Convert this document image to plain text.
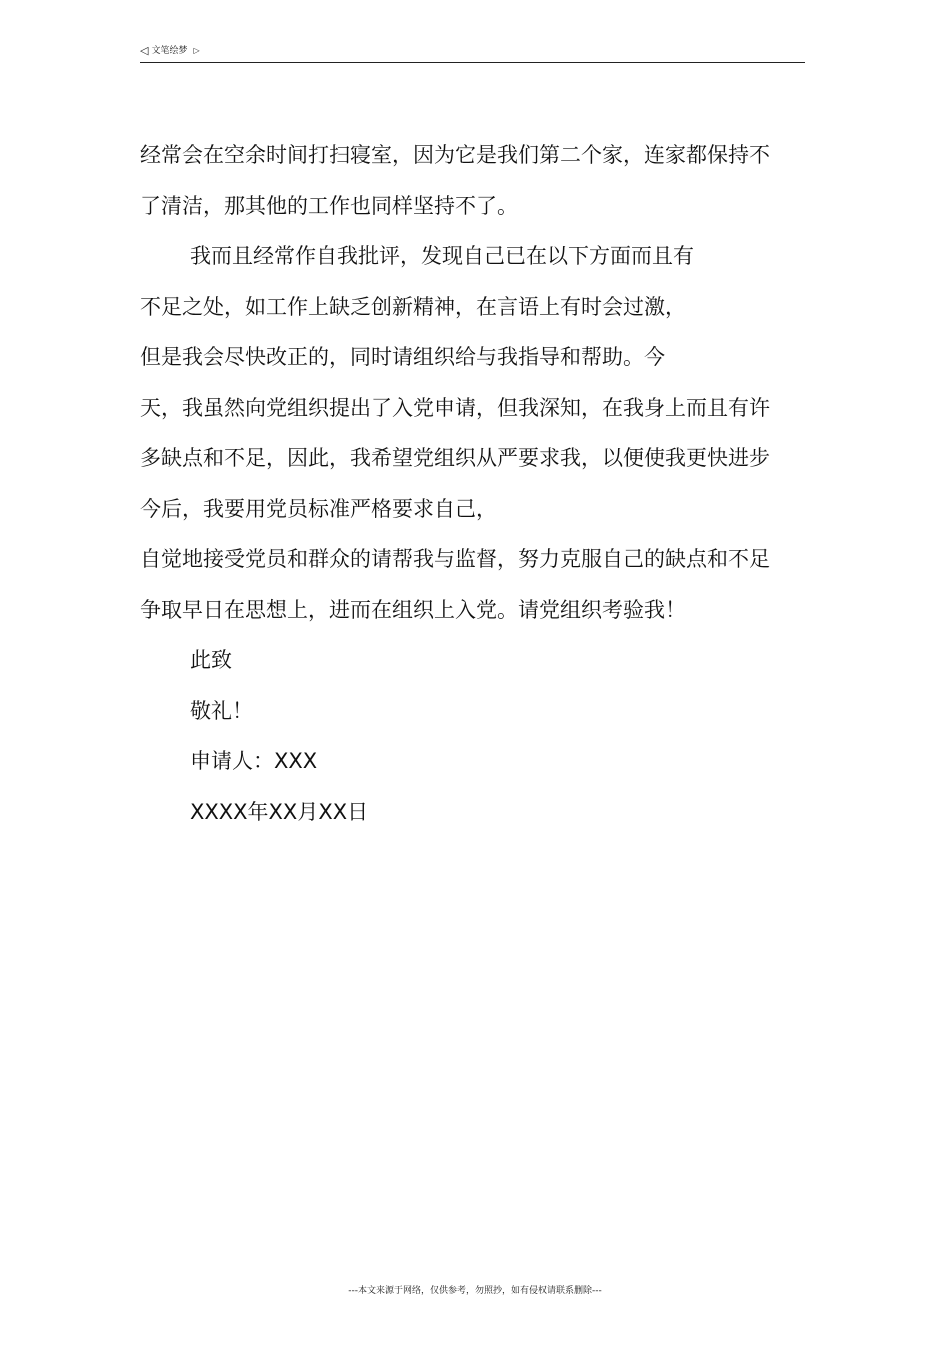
◁ 文笔绘梦 ▷
经常会在空余时间打扫寝室，因为它是我们第二个家，连家都保持不
了清洁，那其他的工作也同样坚持不了。
我而且经常作自我批评，发现自己已在以下方面而且有
不足之处，如工作上缺乏创新精神，在言语上有时会过激，
但是我会尽快改正的，同时请组织给与我指导和帮助。今
天，我虽然向党组织提出了入党申请，但我深知，在我身上而且有许
多缺点和不足，因此，我希望党组织从严要求我，以便使我更快进步
今后，我要用党员标准严格要求自己，
自觉地接受党员和群众的请帮我与监督，努力克服自己的缺点和不足
争取早日在思想上，进而在组织上入党。请党组织考验我！
此致
敬礼！
申请人：XXX
XXXX年XX月XX日
---本文来源于网络，仅供参考，勿照抄，如有侵权请联系删除---
